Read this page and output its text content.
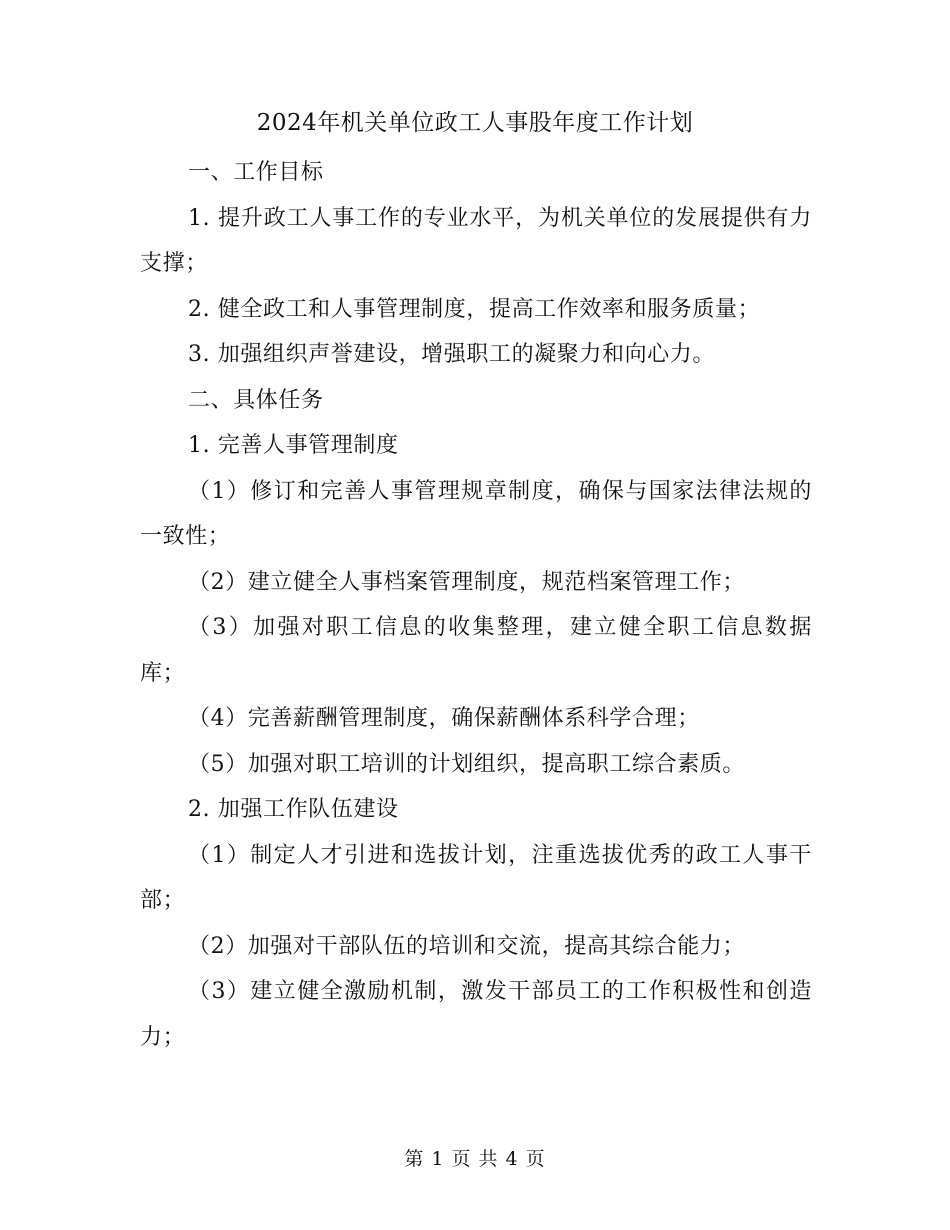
2024年机关单位政工人事股年度工作计划

一、工作目标

1. 提升政工人事工作的专业水平，为机关单位的发展提供有力支撑；

2. 健全政工和人事管理制度，提高工作效率和服务质量；

3. 加强组织声誉建设，增强职工的凝聚力和向心力。

二、具体任务

1. 完善人事管理制度

（1）修订和完善人事管理规章制度，确保与国家法律法规的一致性；

（2）建立健全人事档案管理制度，规范档案管理工作；

（3）加强对职工信息的收集整理，建立健全职工信息数据库；

（4）完善薪酬管理制度，确保薪酬体系科学合理；

（5）加强对职工培训的计划组织，提高职工综合素质。

2. 加强工作队伍建设

（1）制定人才引进和选拔计划，注重选拔优秀的政工人事干部；

（2）加强对干部队伍的培训和交流，提高其综合能力；

（3）建立健全激励机制，激发干部员工的工作积极性和创造力；

第 1 页 共 4 页
